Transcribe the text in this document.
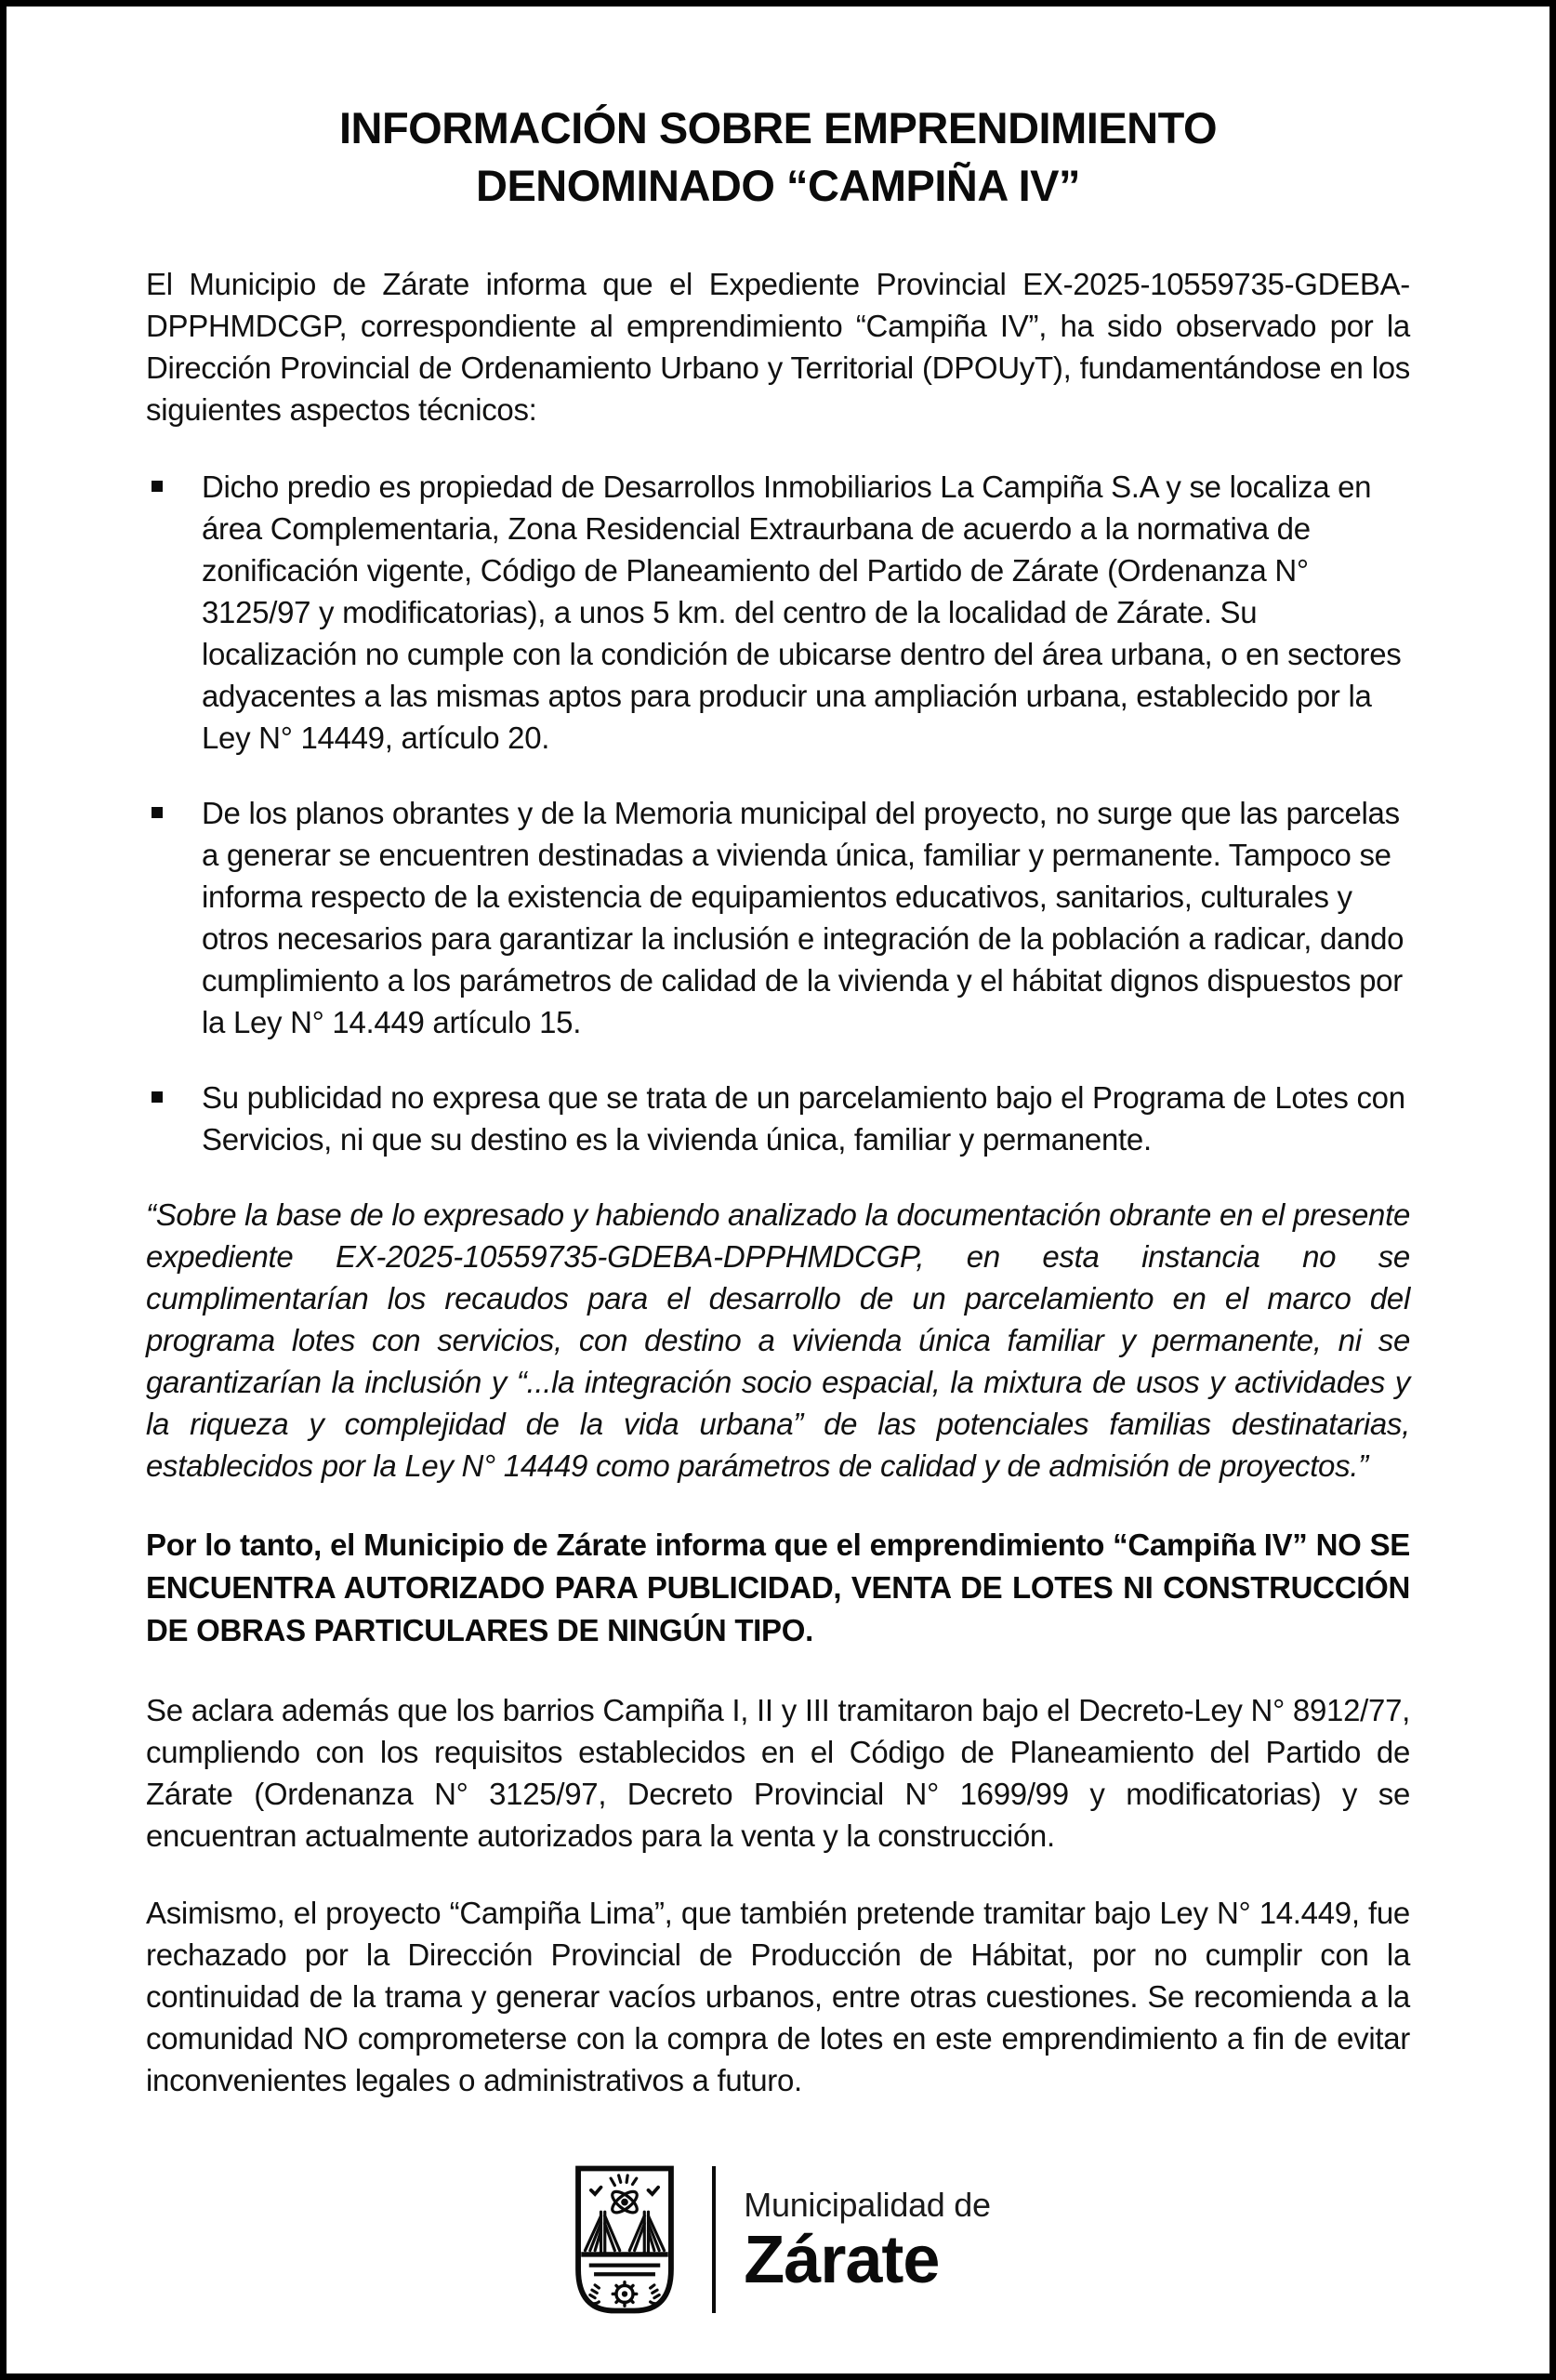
INFORMACIÓN SOBRE EMPRENDIMIENTO
DENOMINADO “CAMPIÑA IV”

El Municipio de Zárate informa que el Expediente Provincial EX-2025-10559735-GDEBA-DPPHMDCGP, correspondiente al emprendimiento “Campiña IV”, ha sido observado por la Dirección Provincial de Ordenamiento Urbano y Territorial (DPOUyT), fundamentándose en los siguientes aspectos técnicos:

Dicho predio es propiedad de Desarrollos Inmobiliarios La Campiña S.A y se localiza en área Complementaria, Zona Residencial Extraurbana de acuerdo a la normativa de zonificación vigente, Código de Planeamiento del Partido de Zárate (Ordenanza N° 3125/97 y modificatorias), a unos 5 km. del centro de la localidad de Zárate. Su localización no cumple con la condición de ubicarse dentro del área urbana, o en sectores adyacentes a las mismas aptos para producir una ampliación urbana, establecido por la Ley N° 14449, artículo 20.
De los planos obrantes y de la Memoria municipal del proyecto, no surge que las parcelas a generar se encuentren destinadas a vivienda única, familiar y permanente. Tampoco se informa respecto de la existencia de equipamientos educativos, sanitarios, culturales y otros necesarios para garantizar la inclusión e integración de la población a radicar, dando cumplimiento a los parámetros de calidad de la vivienda y el hábitat dignos dispuestos por la Ley N° 14.449 artículo 15.
Su publicidad no expresa que se trata de un parcelamiento bajo el Programa de Lotes con Servicios, ni que su destino es la vivienda única, familiar y permanente.

“Sobre la base de lo expresado y habiendo analizado la documentación obrante en el presente expediente EX-2025-10559735-GDEBA-DPPHMDCGP, en esta instancia no se cumplimentarían los recaudos para el desarrollo de un parcelamiento en el marco del programa lotes con servicios, con destino a vivienda única familiar y permanente, ni se garantizarían la inclusión y “...la integración socio espacial, la mixtura de usos y actividades y la riqueza y complejidad de la vida urbana” de las potenciales familias destinatarias, establecidos por la Ley N° 14449 como parámetros de calidad y de admisión de proyectos.”

Por lo tanto, el Municipio de Zárate informa que el emprendimiento “Campiña IV” NO SE ENCUENTRA AUTORIZADO PARA PUBLICIDAD, VENTA DE LOTES NI CONSTRUCCIÓN DE OBRAS PARTICULARES DE NINGÚN TIPO.

Se aclara además que los barrios Campiña I, II y III tramitaron bajo el Decreto-Ley N° 8912/77, cumpliendo con los requisitos establecidos en el Código de Planeamiento del Partido de Zárate (Ordenanza N° 3125/97, Decreto Provincial N° 1699/99 y modificatorias) y se encuentran actualmente autorizados para la venta y la construcción.

Asimismo, el proyecto “Campiña Lima”, que también pretende tramitar bajo Ley N° 14.449, fue rechazado por la Dirección Provincial de Producción de Hábitat, por no cumplir con la continuidad de la trama y generar vacíos urbanos, entre otras cuestiones. Se recomienda a la comunidad NO comprometerse con la compra de lotes en este emprendimiento a fin de evitar inconvenientes legales o administrativos a futuro.

Municipalidad de
Zárate
